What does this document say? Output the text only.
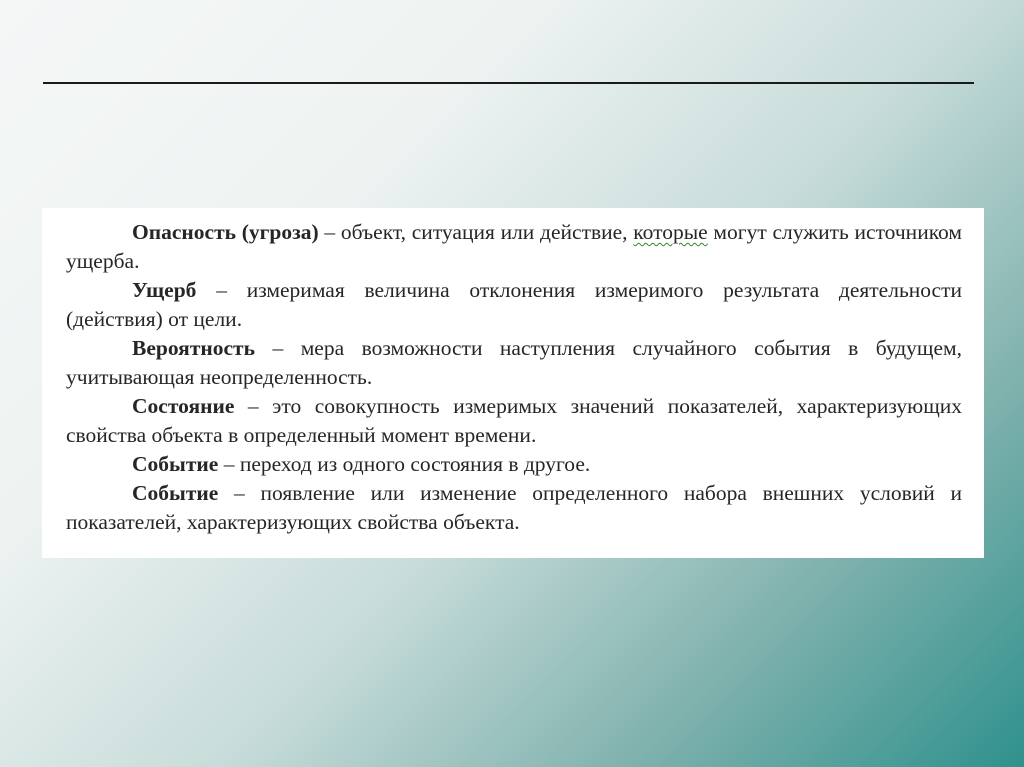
Опасность (угроза) – объект, ситуация или действие, которые могут служить источником ущерба.

Ущерб – измеримая величина отклонения измеримого результата деятельности (действия) от цели.

Вероятность – мера возможности наступления случайного события в будущем, учитывающая неопределенность.

Состояние – это совокупность измеримых значений показателей, характеризующих свойства объекта в определенный момент времени.

Событие – переход из одного состояния в другое.

Событие – появление или изменение определенного набора внешних условий и показателей, характеризующих свойства объекта.
